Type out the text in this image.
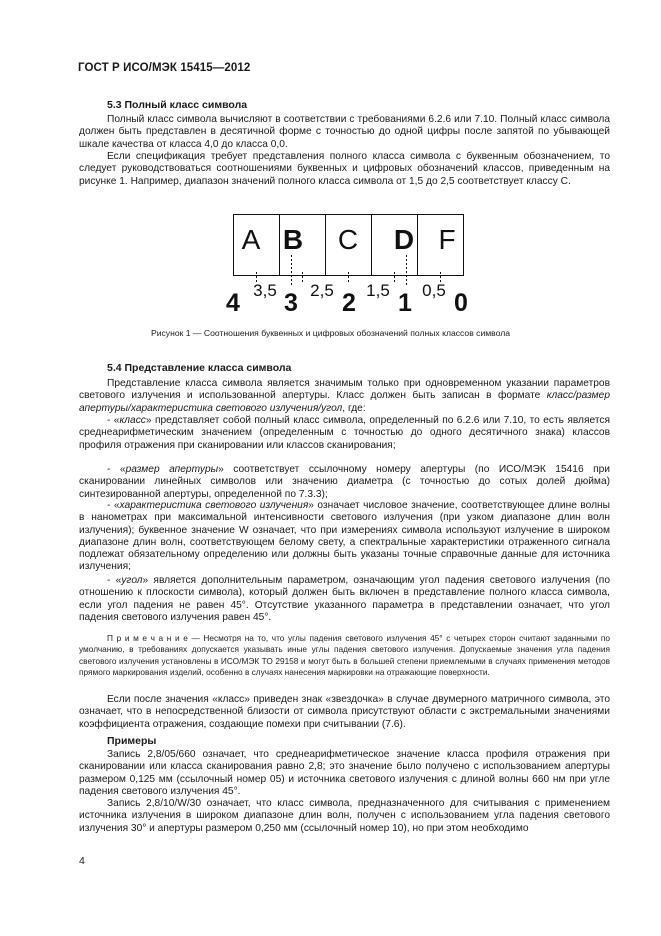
ГОСТ Р ИСО/МЭК 15415—2012
5.3 Полный класс символа
Полный класс символа вычисляют в соответствии с требованиями 6.2.6 или 7.10. Полный класс символа должен быть представлен в десятичной форме с точностью до одной цифры после запятой по убывающей шкале качества от класса 4,0 до класса 0,0.
Если спецификация требует представления полного класса символа с буквенным обозначением, то следует руководствоваться соотношениями буквенных и цифровых обозначений классов, приведенным на рисунке 1. Например, диапазон значений полного класса символа от 1,5 до 2,5 соответствует классу С.
A B C D F
4 3 2 1 0
3,5 2,5 1,5 0,5
Рисунок 1 — Соотношения буквенных и цифровых обозначений полных классов символа
5.4 Представление класса символа
Представление класса символа является значимым только при одновременном указании параметров светового излучения и использованной апертуры. Класс должен быть записан в формате класс/размер апертуры/характеристика светового излучения/угол, где:
- «класс» представляет собой полный класс символа, определенный по 6.2.6 или 7.10, то есть является среднеарифметическим значением (определенным с точностью до одного десятичного знака) классов профиля отражения при сканировании или классов сканирования;
- «размер апертуры» соответствует ссылочному номеру апертуры (по ИСО/МЭК 15416 при сканировании линейных символов или значению диаметра (с точностью до сотых долей дюйма) синтезированной апертуры, определенной по 7.3.3);
- «характеристика светового излучения» означает числовое значение, соответствующее длине волны в нанометрах при максимальной интенсивности светового излучения (при узком диапазоне длин волн излучения); буквенное значение W означает, что при измерениях символа используют излучение в широком диапазоне длин волн, соответствующем белому свету, а спектральные характеристики отраженного сигнала подлежат обязательному определению или должны быть указаны точные справочные данные для источника излучения;
- «угол» является дополнительным параметром, означающим угол падения светового излучения (по отношению к плоскости символа), который должен быть включен в представление полного класса символа, если угол падения не равен 45°. Отсутствие указанного параметра в представлении означает, что угол падения светового излучения равен 45°.
П р и м е ч а н и е — Несмотря на то, что углы падения светового излучения 45° с четырех сторон считают заданными по умолчанию, в требованиях допускается указывать иные углы падения светового излучения. Допускаемые значения угла падения светового излучения установлены в ИСО/МЭК ТО 29158 и могут быть в большей степени приемлемыми в случаях применения методов прямого маркирования изделий, особенно в случаях нанесения маркировки на отражающие поверхности.
Если после значения «класс» приведен знак «звездочка» в случае двумерного матричного символа, это означает, что в непосредственной близости от символа присутствуют области с экстремальными значениями коэффициента отражения, создающие помехи при считывании (7.6).
Примеры
Запись 2,8/05/660 означает, что среднеарифметическое значение класса профиля отражения при сканировании или класса сканирования равно 2,8; это значение было получено с использованием апертуры размером 0,125 мм (ссылочный номер 05) и источника светового излучения с длиной волны 660 нм при угле падения светового излучения 45°.
Запись 2,8/10/W/30 означает, что класс символа, предназначенного для считывания с применением источника излучения в широком диапазоне длин волн, получен с использованием угла падения светового излучения 30° и апертуры размером 0,250 мм (ссылочный номер 10), но при этом необходимо
4
